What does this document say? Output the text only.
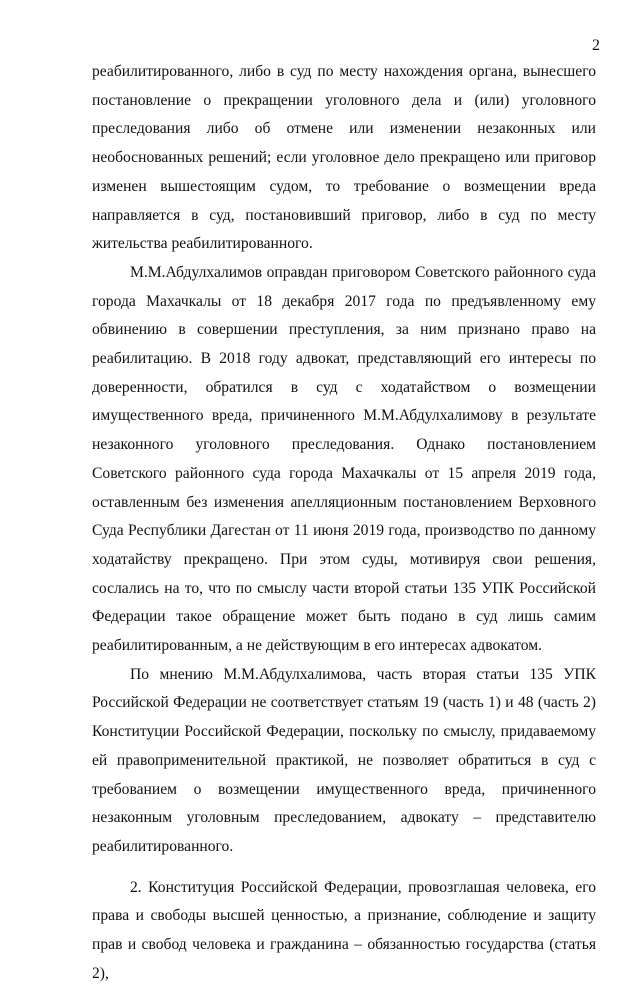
2

реабилитированного, либо в суд по месту нахождения органа, вынесшего постановление о прекращении уголовного дела и (или) уголовного преследования либо об отмене или изменении незаконных или необоснованных решений; если уголовное дело прекращено или приговор изменен вышестоящим судом, то требование о возмещении вреда направляется в суд, постановивший приговор, либо в суд по месту жительства реабилитированного.

М.М.Абдулхалимов оправдан приговором Советского районного суда города Махачкалы от 18 декабря 2017 года по предъявленному ему обвинению в совершении преступления, за ним признано право на реабилитацию. В 2018 году адвокат, представляющий его интересы по доверенности, обратился в суд с ходатайством о возмещении имущественного вреда, причиненного М.М.Абдулхалимову в результате незаконного уголовного преследования. Однако постановлением Советского районного суда города Махачкалы от 15 апреля 2019 года, оставленным без изменения апелляционным постановлением Верховного Суда Республики Дагестан от 11 июня 2019 года, производство по данному ходатайству прекращено. При этом суды, мотивируя свои решения, сослались на то, что по смыслу части второй статьи 135 УПК Российской Федерации такое обращение может быть подано в суд лишь самим реабилитированным, а не действующим в его интересах адвокатом.

По мнению М.М.Абдулхалимова, часть вторая статьи 135 УПК Российской Федерации не соответствует статьям 19 (часть 1) и 48 (часть 2) Конституции Российской Федерации, поскольку по смыслу, придаваемому ей правоприменительной практикой, не позволяет обратиться в суд с требованием о возмещении имущественного вреда, причиненного незаконным уголовным преследованием, адвокату – представителю реабилитированного.

2. Конституция Российской Федерации, провозглашая человека, его права и свободы высшей ценностью, а признание, соблюдение и защиту прав и свобод человека и гражданина – обязанностью государства (статья 2),
